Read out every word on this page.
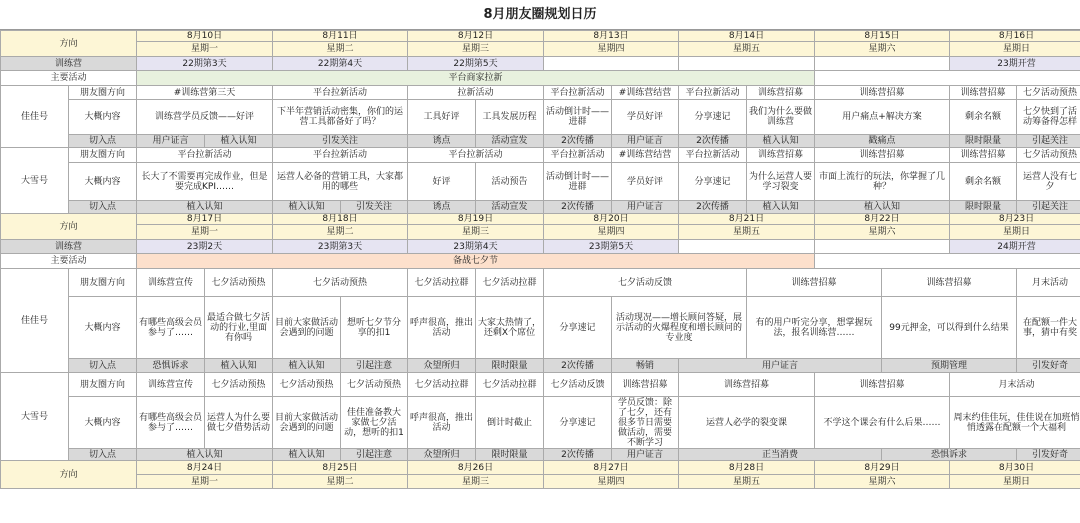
8月朋友圈规划日历
方向		8月10日		8月11日		8月12日		8月13日		8月14日		8月15日		8月16日	
		星期一		星期二		星期三		星期四		星期五		星期六		星期日	
训练营		22期第3天		22期第4天		22期第5天								23期开营	
主要活动		平台商家拉新													
佳佳号	朋友圈方向	#训练营第三天		平台拉新活动		拉新活动		平台拉新活动	#训练营结营	平台拉新活动	训练营招募	训练营招募		训练营招募	七夕活动预热
	大概内容	训练营学员反馈——好评		下半年营销活动密集，你们的运营工具都备好了吗？		工具好评	工具发展历程	活动倒计时——进群	学员好评	分享速记	我们为什么要做训练营	用户痛点+解决方案		剩余名额	七夕快到了活动筹备得怎样
	切入点	用户证言	植入认知	引发关注		诱点	活动宣发	2次传播	用户证言	2次传播	植入认知	戳痛点		限时限量	引起关注
大雪号	朋友圈方向	平台拉新活动		平台拉新活动		平台拉新活动		平台拉新活动	#训练营结营	平台拉新活动	训练营招募	训练营招募		训练营招募	七夕活动预热
	大概内容	长大了不需要再完成作业，但是要完成KPI……		运营人必备的营销工具，大家都用的哪些		好评	活动预告	活动倒计时——进群	学员好评	分享速记	为什么运营人要学习裂变	市面上流行的玩法，你掌握了几种？		剩余名额	运营人没有七夕
	切入点	植入认知		植入认知	引发关注	诱点	活动宣发	2次传播	用户证言	2次传播	植入认知	植入认知		限时限量	引起关注
方向		8月17日		8月18日		8月19日		8月20日		8月21日		8月22日		8月23日	
		星期一		星期二		星期三		星期四		星期五		星期六		星期日	
训练营		23期2天		23期第3天		23期第4天		23期第5天						24期开营	
主要活动		备战七夕节													
佳佳号	朋友圈方向	训练营宣传	七夕活动预热	七夕活动预热		七夕活动拉群	七夕活动拉群	七夕活动反馈			训练营招募		训练营招募		月末活动
	大概内容	有哪些高级会员参与了……	最适合做七夕活动的行业,里面有你吗	目前大家做活动会遇到的问题	想听七夕节分享的扣1	呼声很高，推出活动	大家太热情了，还剩X个席位	分享速记	活动现况——增长顾问答疑，展示活动的火爆程度和增长顾问的专业度		有的用户听完分享，想掌握玩法，报名训练营……		99元押金，可以得到什么结果		在配额一件大事，猜中有奖
	切入点	恐惧诉求	植入认知	植入认知	引起注意	众望所归	限时限量	2次传播	畅销	用户证言			预期管理		引发好奇
大雪号	朋友圈方向	训练营宣传	七夕活动预热	七夕活动预热	七夕活动预热	七夕活动拉群	七夕活动拉群	七夕活动反馈	训练营招募	训练营招募		训练营招募		月末活动	
	大概内容	有哪些高级会员参与了……	运营人为什么要做七夕借势活动	目前大家做活动会遇到的问题	佳佳准备教大家做七夕活动，想听的扣1	呼声很高，推出活动	倒计时截止	分享速记	学员反馈：除了七夕，还有很多节日需要做活动，需要不断学习	运营人必学的裂变课		不学这个课会有什么后果……		周末约佳佳玩，佳佳说在加班悄悄透露在配额一个大福利	
	切入点	植入认知		植入认知	引起注意	众望所归	限时限量	2次传播	用户证言	正当消费			恐惧诉求		引发好奇
方向		8月24日		8月25日		8月26日		8月27日		8月28日		8月29日		8月30日	
		星期一		星期二		星期三		星期四		星期五		星期六		星期日	
